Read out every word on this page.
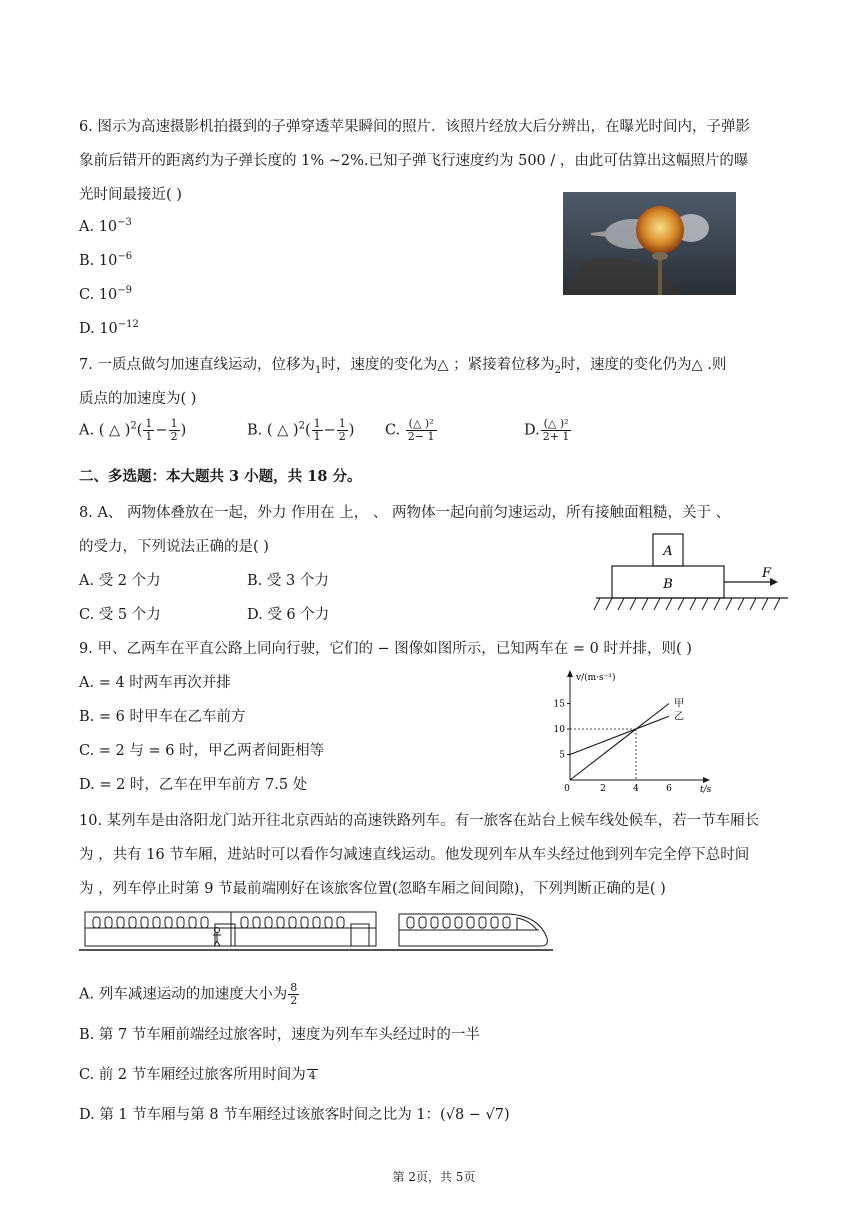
6. 图示为高速摄影机拍摄到的子弹穿透苹果瞬间的照片．该照片经放大后分辨出，在曝光时间内，子弹影
象前后错开的距离约为子弹长度的 1% ~2%.已知子弹飞行速度约为 500 / ，由此可估算出这幅照片的曝
光时间最接近( )
A. $10^{-3}$
B. $10^{-6}$
C. $10^{-9}$
D. $10^{-12}$
7. 一质点做匀加速直线运动，位移为$_1$时，速度的变化为△ ；紧接着位移为$_2$时，速度的变化仍为△ .则
质点的加速度为( )
A. ( △ )$^2( \frac{1}{1} - \frac{1}{2}$ )	B. ( △ )$^2( \frac{1}{1} - \frac{1}{2}$ ) C. $\frac{\text{(△ )²}}{2- 1}$	D. $\frac{\text{(△ )²}}{2+ 1}$
二、多选题：本大题共 3 小题，共 18 分。
8. A、 两物体叠放在一起，外力 作用在 上， 、 两物体一起向前匀速运动，所有接触面粗糙，关于 、
的受力，下列说法正确的是( )
A. 受 2 个力	B. 受 3 个力
C. 受 5 个力	D. 受 6 个力
A
B
F
9. 甲、乙两车在平直公路上同向行驶，它们的 − 图像如图所示，已知两车在 = 0 时并排，则( )
A. = 4 时两车再次并排
B. = 6 时甲车在乙车前方
C. = 2 与 = 6 时，甲乙两者间距相等
D. = 2 时，乙车在甲车前方 7.5 处
v/(m·s⁻¹)
t/s
5
10
15
0	2	4	6
甲
乙
10. 某列车是由洛阳龙门站开往北京西站的高速铁路列车。有一旅客在站台上候车线处候车，若一节车厢长
为 ，共有 16 节车厢，进站时可以看作匀减速直线运动。他发现列车从车头经过他到列车完全停下总时间
为 ，列车停止时第 9 节最前端刚好在该旅客位置(忽略车厢之间间隙)，下列判断正确的是( )
A. 列车减速运动的加速度大小为 $\frac{8}{2}$
B. 第 7 节车厢前端经过旅客时，速度为列车车头经过时的一半
C. 前 2 节车厢经过旅客所用时间为 4
D. 第 1 节车厢与第 8 节车厢经过该旅客时间之比为 1：(√8 − √7)
第 2页，共 5页
